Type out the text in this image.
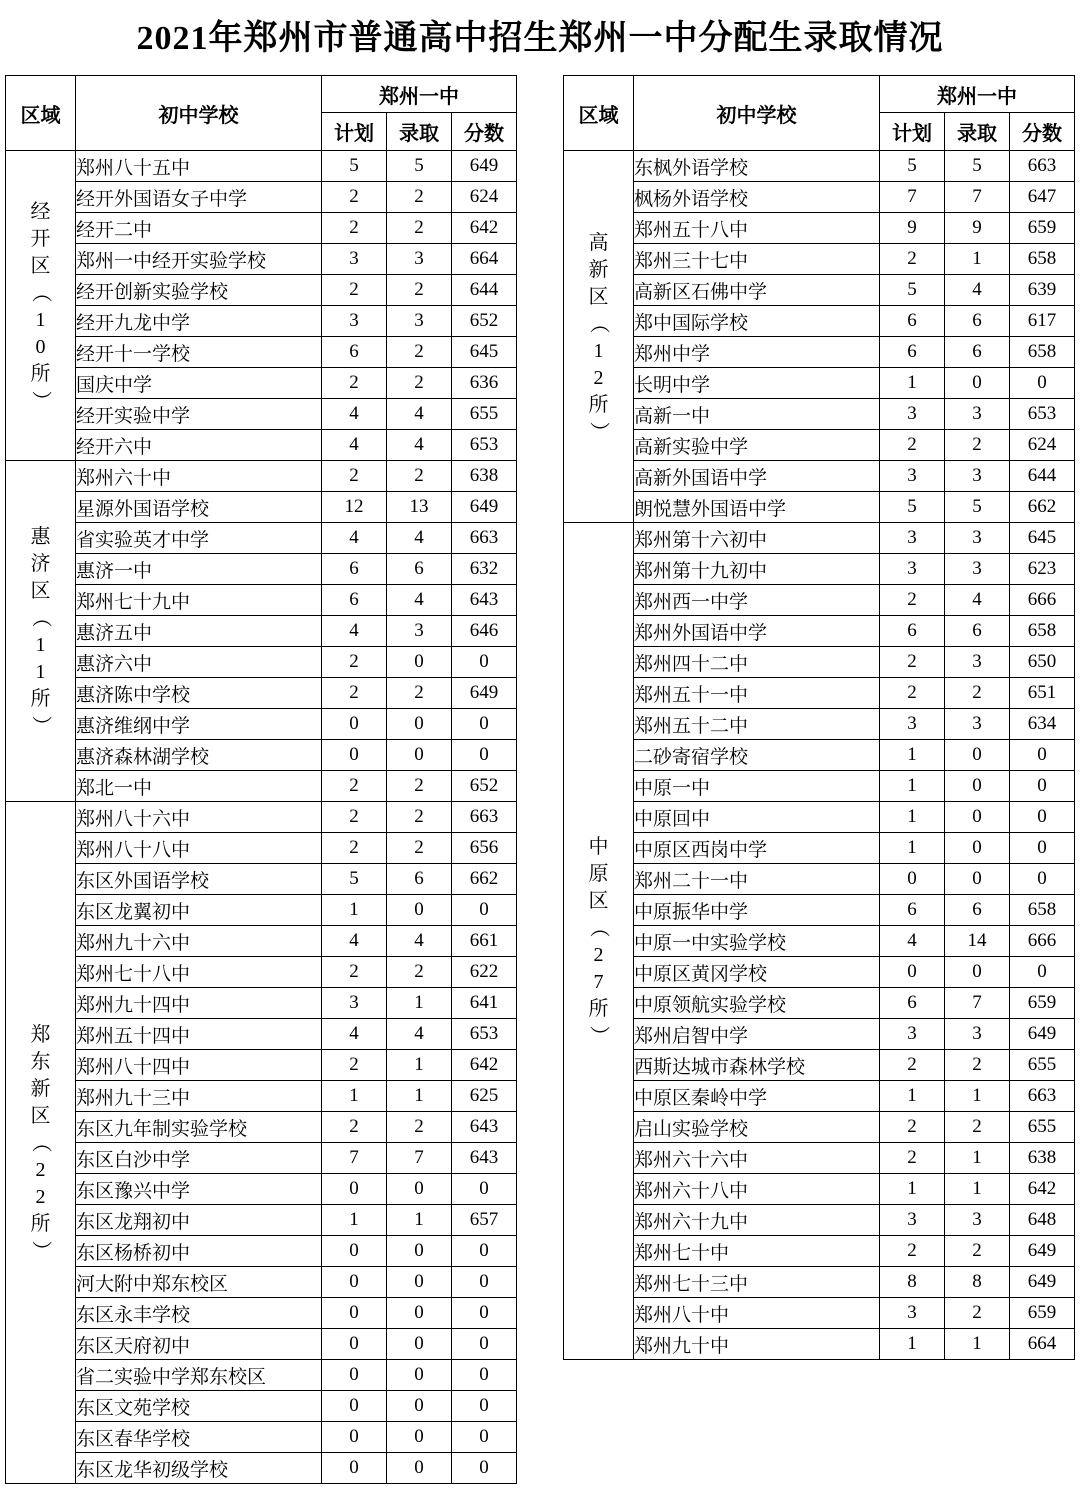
2021年郑州市普通高中招生郑州一中分配生录取情况
区域	初中学校	郑州一中		
		计划	录取	分数

经
开
区
（
1
0
所
）
	郑州八十五中	5	5	649
	经开外国语女子中学	2	2	624
	经开二中	2	2	642
	郑州一中经开实验学校	3	3	664
	经开创新实验学校	2	2	644
	经开九龙中学	3	3	652
	经开十一学校	6	2	645
	国庆中学	2	2	636
	经开实验中学	4	4	655
	经开六中	4	4	653

惠
济
区
（
1
1
所
）
	郑州六十中	2	2	638
	星源外国语学校	12	13	649
	省实验英才中学	4	4	663
	惠济一中	6	6	632
	郑州七十九中	6	4	643
	惠济五中	4	3	646
	惠济六中	2	0	0
	惠济陈中学校	2	2	649
	惠济维纲中学	0	0	0
	惠济森林湖学校	0	0	0
	郑北一中	2	2	652

郑
东
新
区
（
2
2
所
）
	郑州八十六中	2	2	663
	郑州八十八中	2	2	656
	东区外国语学校	5	6	662
	东区龙翼初中	1	0	0
	郑州九十六中	4	4	661
	郑州七十八中	2	2	622
	郑州九十四中	3	1	641
	郑州五十四中	4	4	653
	郑州八十四中	2	1	642
	郑州九十三中	1	1	625
	东区九年制实验学校	2	2	643
	东区白沙中学	7	7	643
	东区豫兴中学	0	0	0
	东区龙翔初中	1	1	657
	东区杨桥初中	0	0	0
	河大附中郑东校区	0	0	0
	东区永丰学校	0	0	0
	东区天府初中	0	0	0
	省二实验中学郑东校区	0	0	0
	东区文苑学校	0	0	0
	东区春华学校	0	0	0
	东区龙华初级学校	0	0	0
区域	初中学校	郑州一中		
		计划	录取	分数

高
新
区
（
1
2
所
）
	东枫外语学校	5	5	663
	枫杨外语学校	7	7	647
	郑州五十八中	9	9	659
	郑州三十七中	2	1	658
	高新区石佛中学	5	4	639
	郑中国际学校	6	6	617
	郑州中学	6	6	658
	长明中学	1	0	0
	高新一中	3	3	653
	高新实验中学	2	2	624
	高新外国语中学	3	3	644
	朗悦慧外国语中学	5	5	662

中
原
区
（
2
7
所
）
	郑州第十六初中	3	3	645
	郑州第十九初中	3	3	623
	郑州西一中学	2	4	666
	郑州外国语中学	6	6	658
	郑州四十二中	2	3	650
	郑州五十一中	2	2	651
	郑州五十二中	3	3	634
	二砂寄宿学校	1	0	0
	中原一中	1	0	0
	中原回中	1	0	0
	中原区西岗中学	1	0	0
	郑州二十一中	0	0	0
	中原振华中学	6	6	658
	中原一中实验学校	4	14	666
	中原区黄冈学校	0	0	0
	中原领航实验学校	6	7	659
	郑州启智中学	3	3	649
	西斯达城市森林学校	2	2	655
	中原区秦岭中学	1	1	663
	启山实验学校	2	2	655
	郑州六十六中	2	1	638
	郑州六十八中	1	1	642
	郑州六十九中	3	3	648
	郑州七十中	2	2	649
	郑州七十三中	8	8	649
	郑州八十中	3	2	659
	郑州九十中	1	1	664
